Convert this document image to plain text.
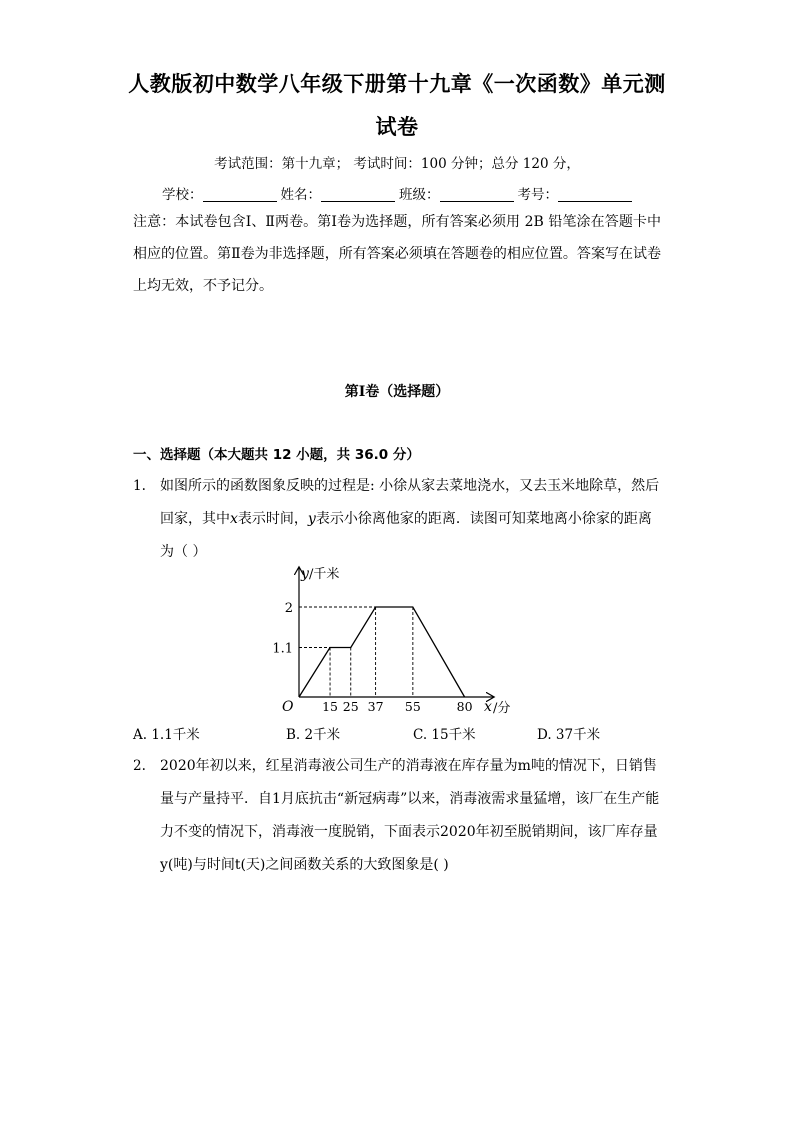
人教版初中数学八年级下册第十九章《一次函数》单元测
试卷
考试范围：第十九章； 考试时间：100 分钟；总分 120 分，
学校：	姓名：	班级：	考号：
注意：本试卷包含Ⅰ、Ⅱ两卷。第Ⅰ卷为选择题，所有答案必须用 2B 铅笔涂在答题卡中相应的位置。第Ⅱ卷为非选择题，所有答案必须填在答题卷的相应位置。答案写在试卷上均无效，不予记分。
第Ⅰ卷（选择题）
一、选择题（本大题共 12 小题，共 36.0 分）
1. 如图所示的函数图象反映的过程是: 小徐从家去菜地浇水，又去玉米地除草，然后回家，其中x表示时间，y表示小徐离他家的距离．读图可知菜地离小徐家的距离为（ ）
y /千米
x /分
O
2
1.1
15 25 37 55	80
A. 1.1千米	B. 2千米	C. 15千米	D. 37千米
2. 2020年初以来，红星消毒液公司生产的消毒液在库存量为m吨的情况下，日销售量与产量持平．自1月底抗击“新冠病毒”以来，消毒液需求量猛增，该厂在生产能力不变的情况下，消毒液一度脱销，下面表示2020年初至脱销期间，该厂库存量y(吨)与时间t(天)之间函数关系的大致图象是( )
